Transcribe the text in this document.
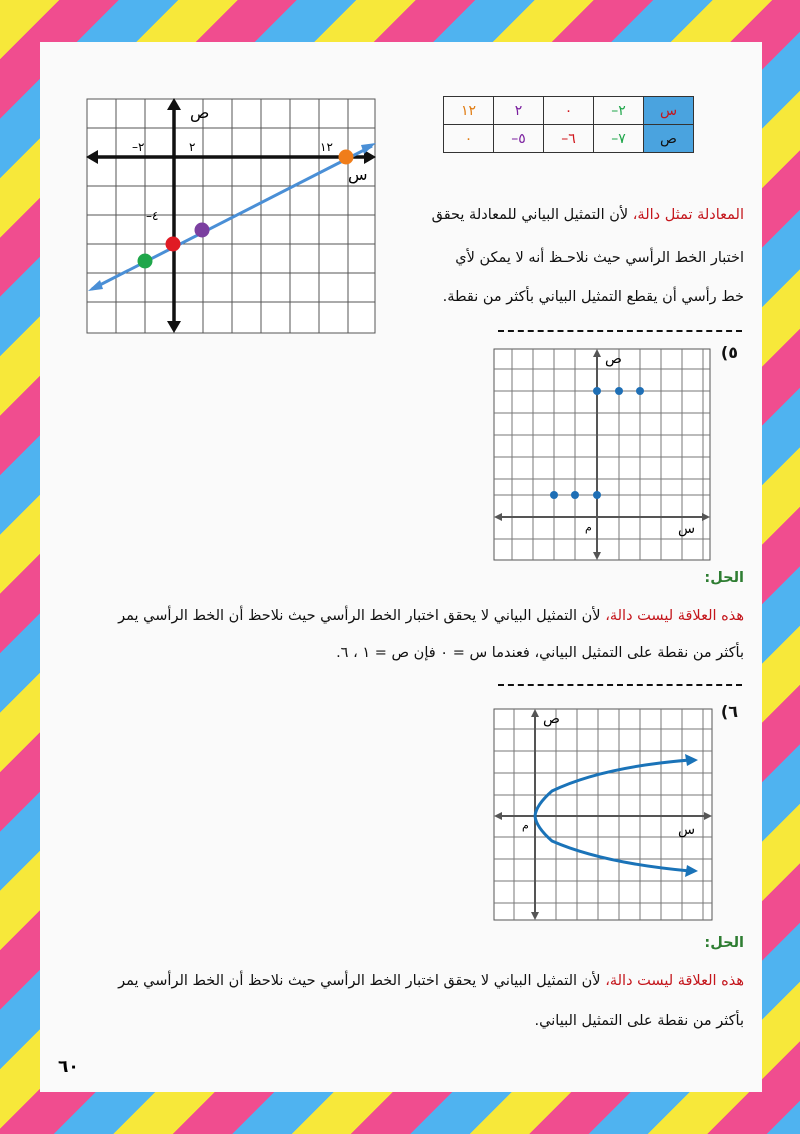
١٢	٢	٠	–٢	س
٠	–٥	–٦	–٧	ص
ص
س
–٢	٢	١٢
–٤	المعادلة تمثل دالة، لأن التمثيل البياني للمعادلة يحقق
اختبار الخط الرأسي حيث نلاحـظ أنه لا يمكن لأي
خط رأسي أن يقطع التمثيل البياني بأكثر من نقطة.
٥)
ص
س
م
الحل:
هذه العلاقة ليست دالة، لأن التمثيل البياني لا يحقق اختبار الخط الرأسي حيث نلاحظ أن الخط الرأسي يمر
بأكثر من نقطة على التمثيل البياني، فعندما س = ٠ فإن ص = ١ ، ٦.
٦)
ص
س
م
الحل:
هذه العلاقة ليست دالة، لأن التمثيل البياني لا يحقق اختبار الخط الرأسي حيث نلاحظ أن الخط الرأسي يمر
بأكثر من نقطة على التمثيل البياني.
٦٠
